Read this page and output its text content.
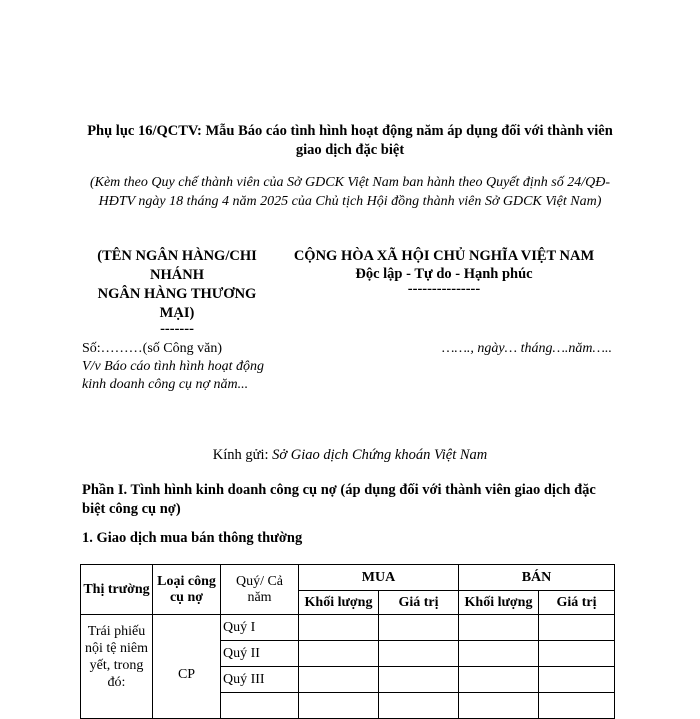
Phụ lục 16/QCTV: Mẫu Báo cáo tình hình hoạt động năm áp dụng đối với thành viên giao dịch đặc biệt
(Kèm theo Quy chế thành viên của Sở GDCK Việt Nam ban hành theo Quyết định số 24/QĐ-HĐTV ngày 18 tháng 4 năm 2025 của Chủ tịch Hội đồng thành viên Sở GDCK Việt Nam)
(TÊN NGÂN HÀNG/CHI NHÁNH
NGÂN HÀNG THƯƠNG MẠI)
-------
CỘNG HÒA XÃ HỘI CHỦ NGHĨA VIỆT NAM
Độc lập - Tự do - Hạnh phúc
---------------
Số:………(số Công văn)
V/v Báo cáo tình hình hoạt động kinh doanh công cụ nợ năm...
……., ngày… tháng….năm…..
Kính gửi: Sở Giao dịch Chứng khoán Việt Nam
Phần I. Tình hình kinh doanh công cụ nợ (áp dụng đối với thành viên giao dịch đặc biệt công cụ nợ)
1. Giao dịch mua bán thông thường
Thị trường	Loại công cụ nợ	Quý/ Cả năm	MUA		BÁN	
			Khối lượng	Giá trị	Khối lượng	Giá trị
Trái phiếu nội tệ niêm yết, trong đó:	CP	Quý I				
		Quý II				
		Quý III				
